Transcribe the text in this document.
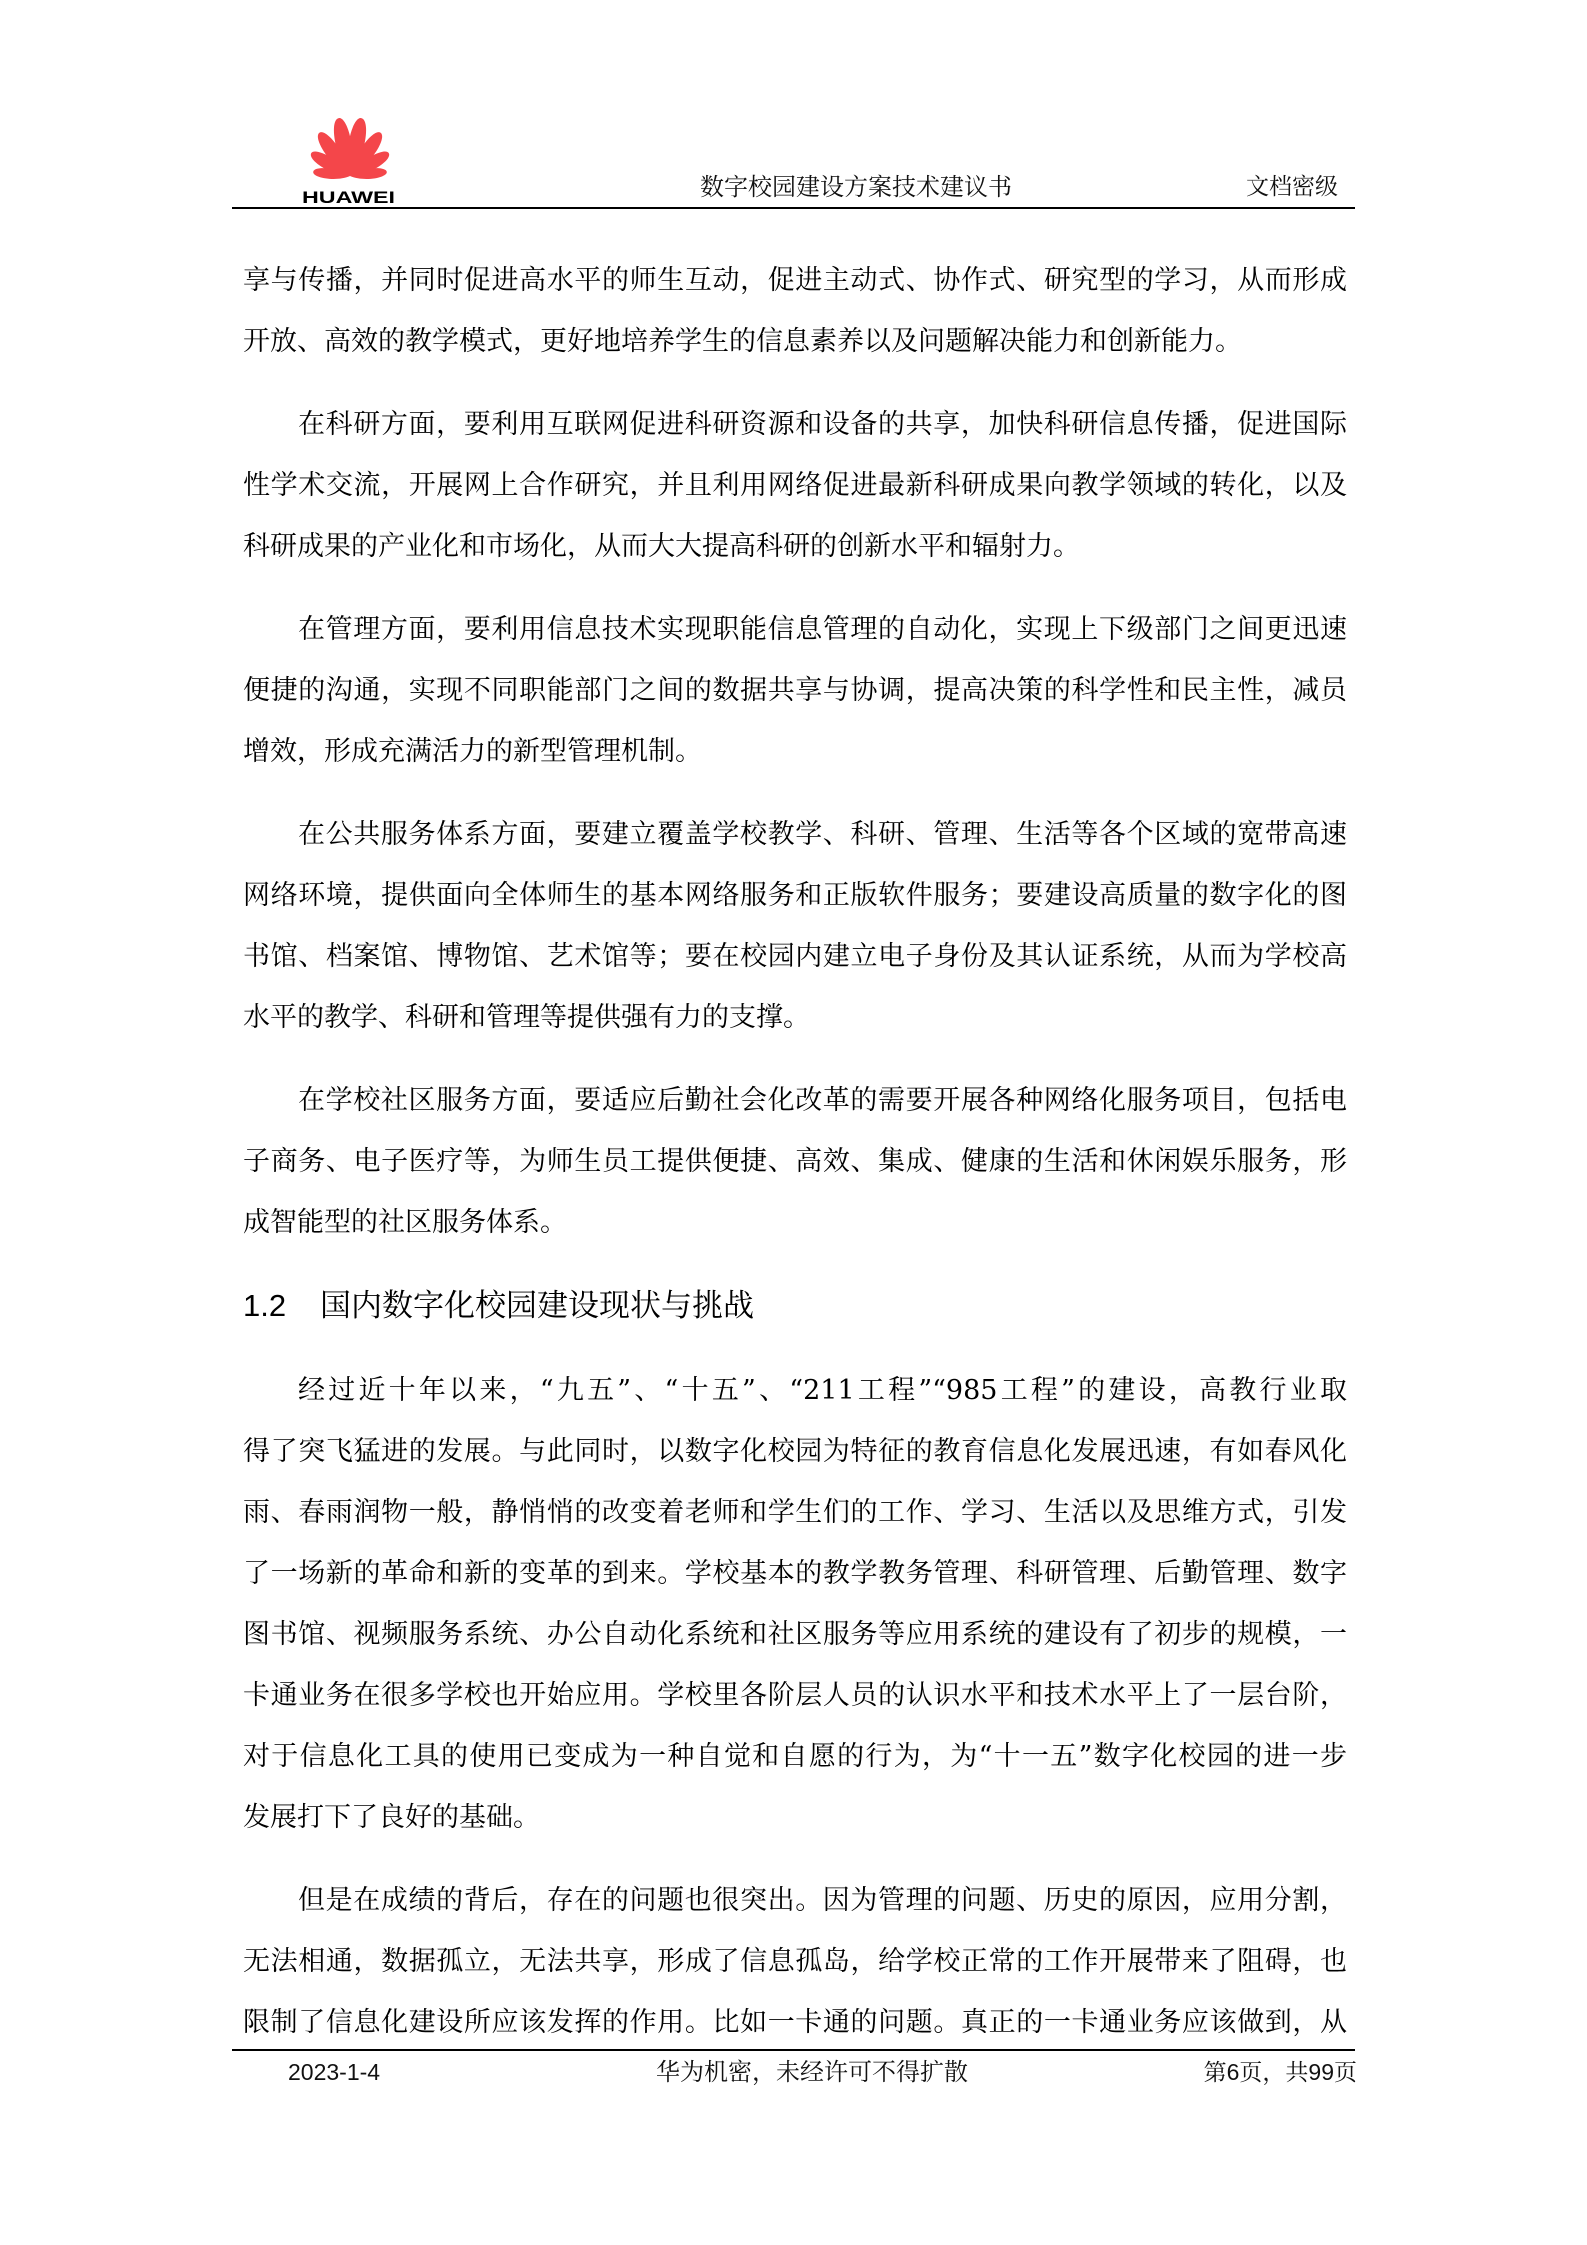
HUAWEI	数字校园建设方案技术建议书	文档密级
享与传播，并同时促进高水平的师生互动，促进主动式、协作式、研究型的学习，从而形成
开放、高效的教学模式，更好地培养学生的信息素养以及问题解决能力和创新能力。
在科研方面，要利用互联网促进科研资源和设备的共享，加快科研信息传播，促进国际
性学术交流，开展网上合作研究，并且利用网络促进最新科研成果向教学领域的转化，以及
科研成果的产业化和市场化，从而大大提高科研的创新水平和辐射力。
在管理方面，要利用信息技术实现职能信息管理的自动化，实现上下级部门之间更迅速
便捷的沟通，实现不同职能部门之间的数据共享与协调，提高决策的科学性和民主性，减员
增效，形成充满活力的新型管理机制。
在公共服务体系方面，要建立覆盖学校教学、科研、管理、生活等各个区域的宽带高速
网络环境，提供面向全体师生的基本网络服务和正版软件服务；要建设高质量的数字化的图
书馆、档案馆、博物馆、艺术馆等；要在校园内建立电子身份及其认证系统，从而为学校高
水平的教学、科研和管理等提供强有力的支撑。
在学校社区服务方面，要适应后勤社会化改革的需要开展各种网络化服务项目，包括电
子商务、电子医疗等，为师生员工提供便捷、高效、集成、健康的生活和休闲娱乐服务，形
成智能型的社区服务体系。
1.2 国内数字化校园建设现状与挑战
经过近十年以来，“九五”、“十五”、“211工程”“985工程”的建设，高教行业取
得了突飞猛进的发展。与此同时，以数字化校园为特征的教育信息化发展迅速，有如春风化
雨、春雨润物一般，静悄悄的改变着老师和学生们的工作、学习、生活以及思维方式，引发
了一场新的革命和新的变革的到来。学校基本的教学教务管理、科研管理、后勤管理、数字
图书馆、视频服务系统、办公自动化系统和社区服务等应用系统的建设有了初步的规模，一
卡通业务在很多学校也开始应用。学校里各阶层人员的认识水平和技术水平上了一层台阶，
对于信息化工具的使用已变成为一种自觉和自愿的行为，为“十一五”数字化校园的进一步
发展打下了良好的基础。
但是在成绩的背后，存在的问题也很突出。因为管理的问题、历史的原因，应用分割，
无法相通，数据孤立，无法共享，形成了信息孤岛，给学校正常的工作开展带来了阻碍，也
限制了信息化建设所应该发挥的作用。比如一卡通的问题。真正的一卡通业务应该做到，从
2023-1-4	华为机密，未经许可不得扩散	第6页，共99页
